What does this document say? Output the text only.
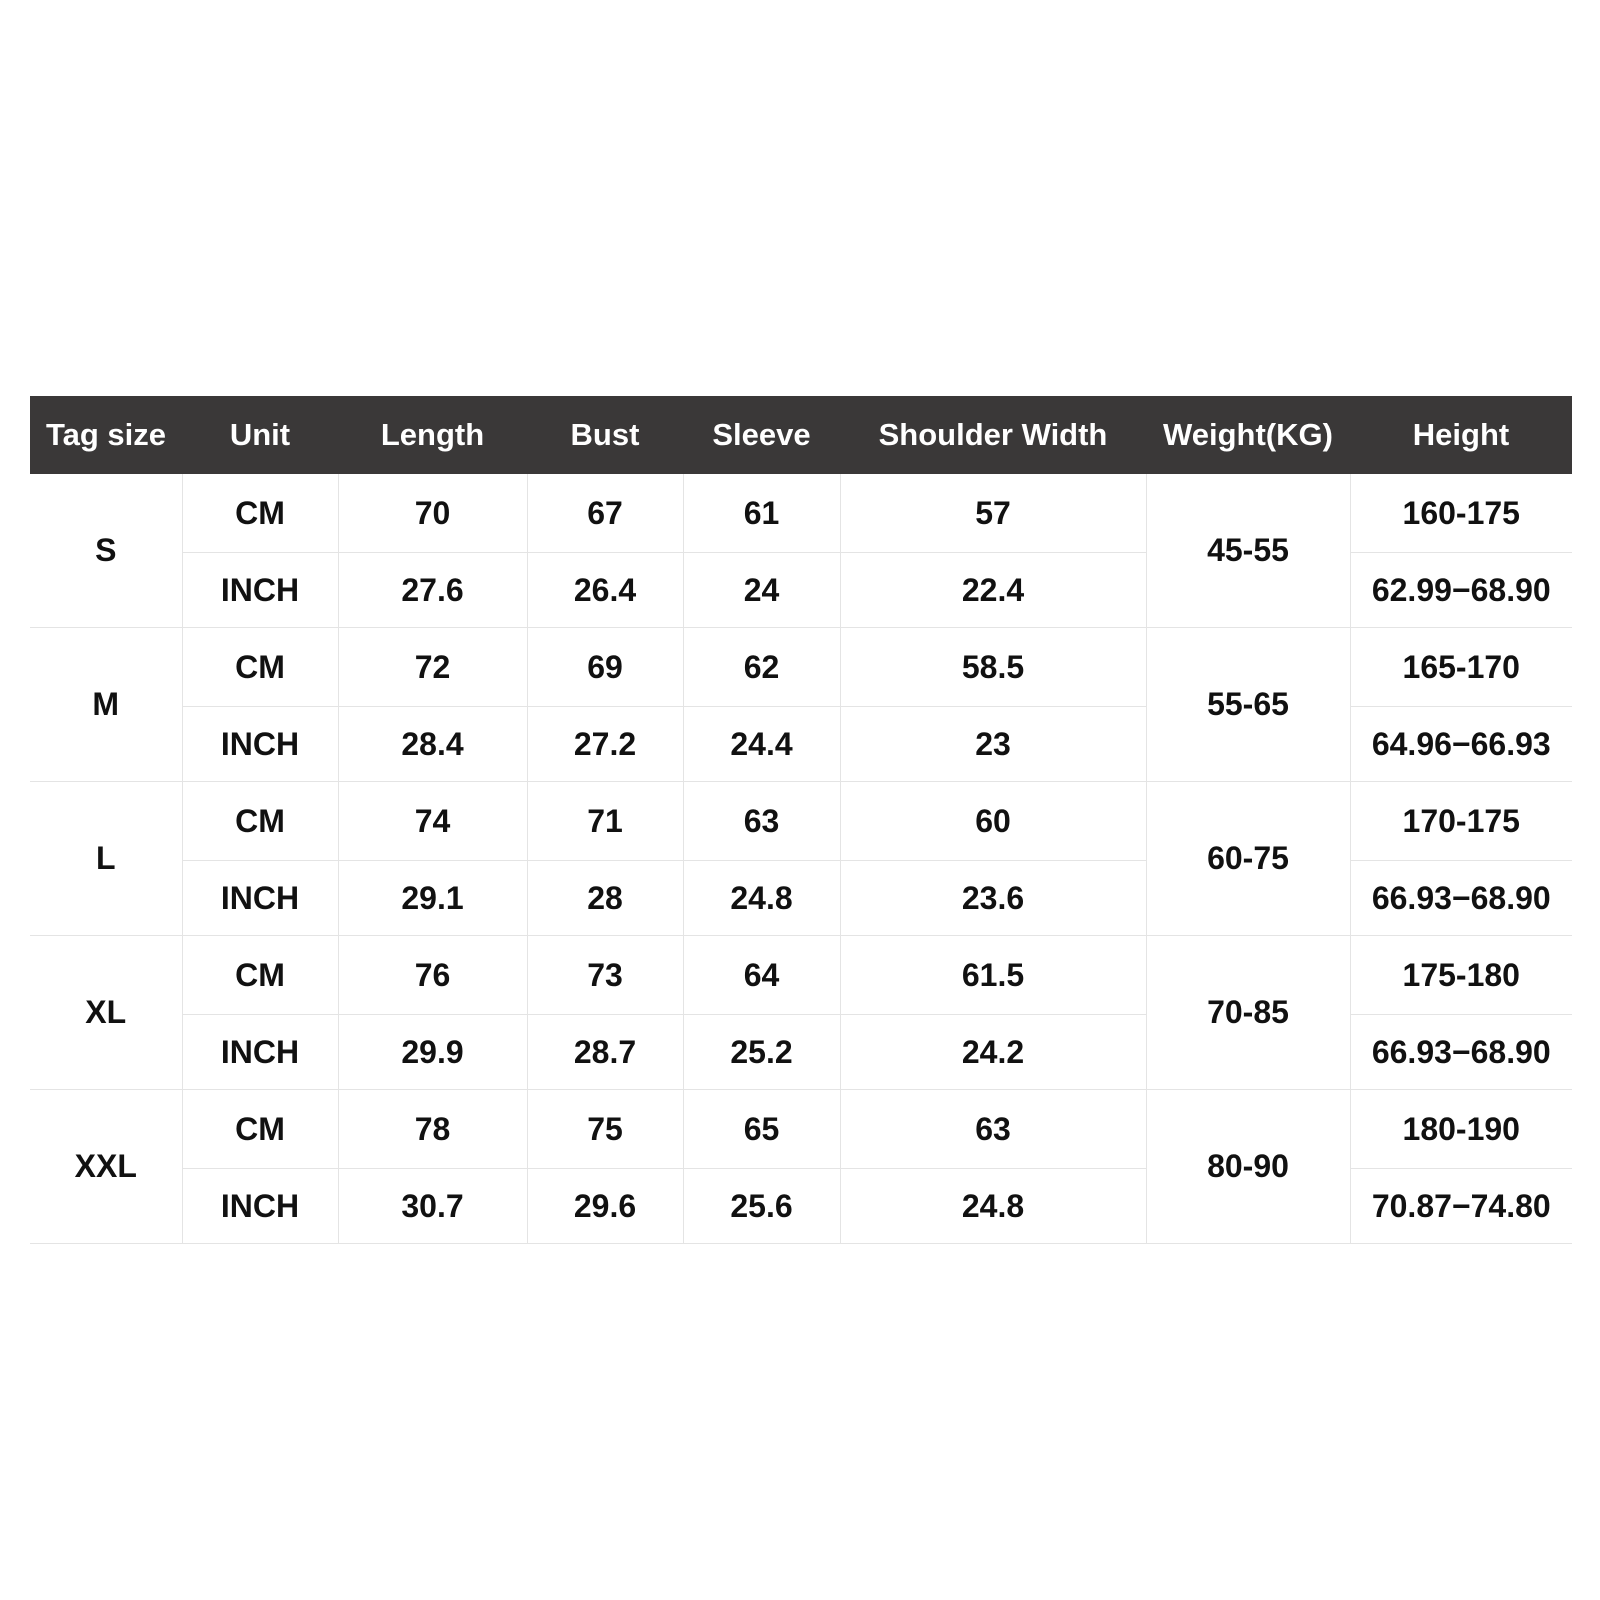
Tag size	Unit	Length	Bust	Sleeve	Shoulder Width	Weight(KG)	Height
S	CM	70	67	61	57	45-55	160-175
	INCH	27.6	26.4	24	22.4		62.99−68.90
M	CM	72	69	62	58.5	55-65	165-170
	INCH	28.4	27.2	24.4	23		64.96−66.93
L	CM	74	71	63	60	60-75	170-175
	INCH	29.1	28	24.8	23.6		66.93−68.90
XL	CM	76	73	64	61.5	70-85	175-180
	INCH	29.9	28.7	25.2	24.2		66.93−68.90
XXL	CM	78	75	65	63	80-90	180-190
	INCH	30.7	29.6	25.6	24.8		70.87−74.80
